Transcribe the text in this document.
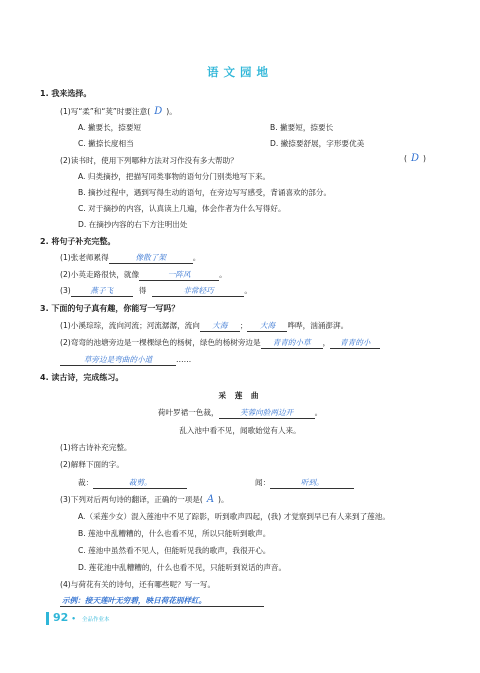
语文园地
1. 我来选择。
(1)写“柔”和“荚”时要注意( D )。
A. 撇要长，捺要短	B. 撇要短，捺要长
C. 撇捺长度相当	D. 撇捺要舒展，字形要优美
(2)读书时，使用下列哪种方法对习作没有多大帮助？	( D )
A. 归类摘抄，把描写同类事物的语句分门别类地写下来。
B. 摘抄过程中，遇到写得生动的语句，在旁边写写感受，背诵喜欢的部分。
C. 对于摘抄的内容，认真读上几遍，体会作者为什么写得好。
D. 在摘抄内容的右下方注明出处
2. 将句子补充完整。
(1)张老师累得	像散了架	。
(2)小英走路很快，就像	一阵风	。
(3)	燕子飞	得	非常轻巧	。
3. 下面的句子真有趣，你能写一写吗？
(1)小溪琮琮，流向河流；河流潺潺，流向 大海 ； 大海 哗哗，汹涌澎湃。
(2)弯弯的池塘旁边是一棵棵绿色的杨树，绿色的杨树旁边是 青青的小草 ， 青青的小
草旁边是弯曲的小道	……
4. 读古诗，完成练习。
采 莲 曲
荷叶罗裙一色裁，	芙蓉向脸两边开	。
乱入池中看不见，闻歌始觉有人来。
(1)将古诗补充完整。
(2)解释下面的字。
裁：	裁剪。	闻：	听到。
(3)下列对后两句诗的翻译，正确的一项是( A )。
A.（采莲少女）混入莲池中不见了踪影，听到歌声四起，(我) 才觉察到早已有人来到了莲池。
B. 莲池中乱糟糟的，什么也看不见，所以只能听到歌声。
C. 莲池中虽然看不见人，但能听见我的歌声，我很开心。
D. 莲花池中乱糟糟的，什么也看不见，只能听到说话的声音。
(4)与荷花有关的诗句，还有哪些呢？写一写。
示例：接天莲叶无穷碧，映日荷花别样红。
92 • 全品作业本
